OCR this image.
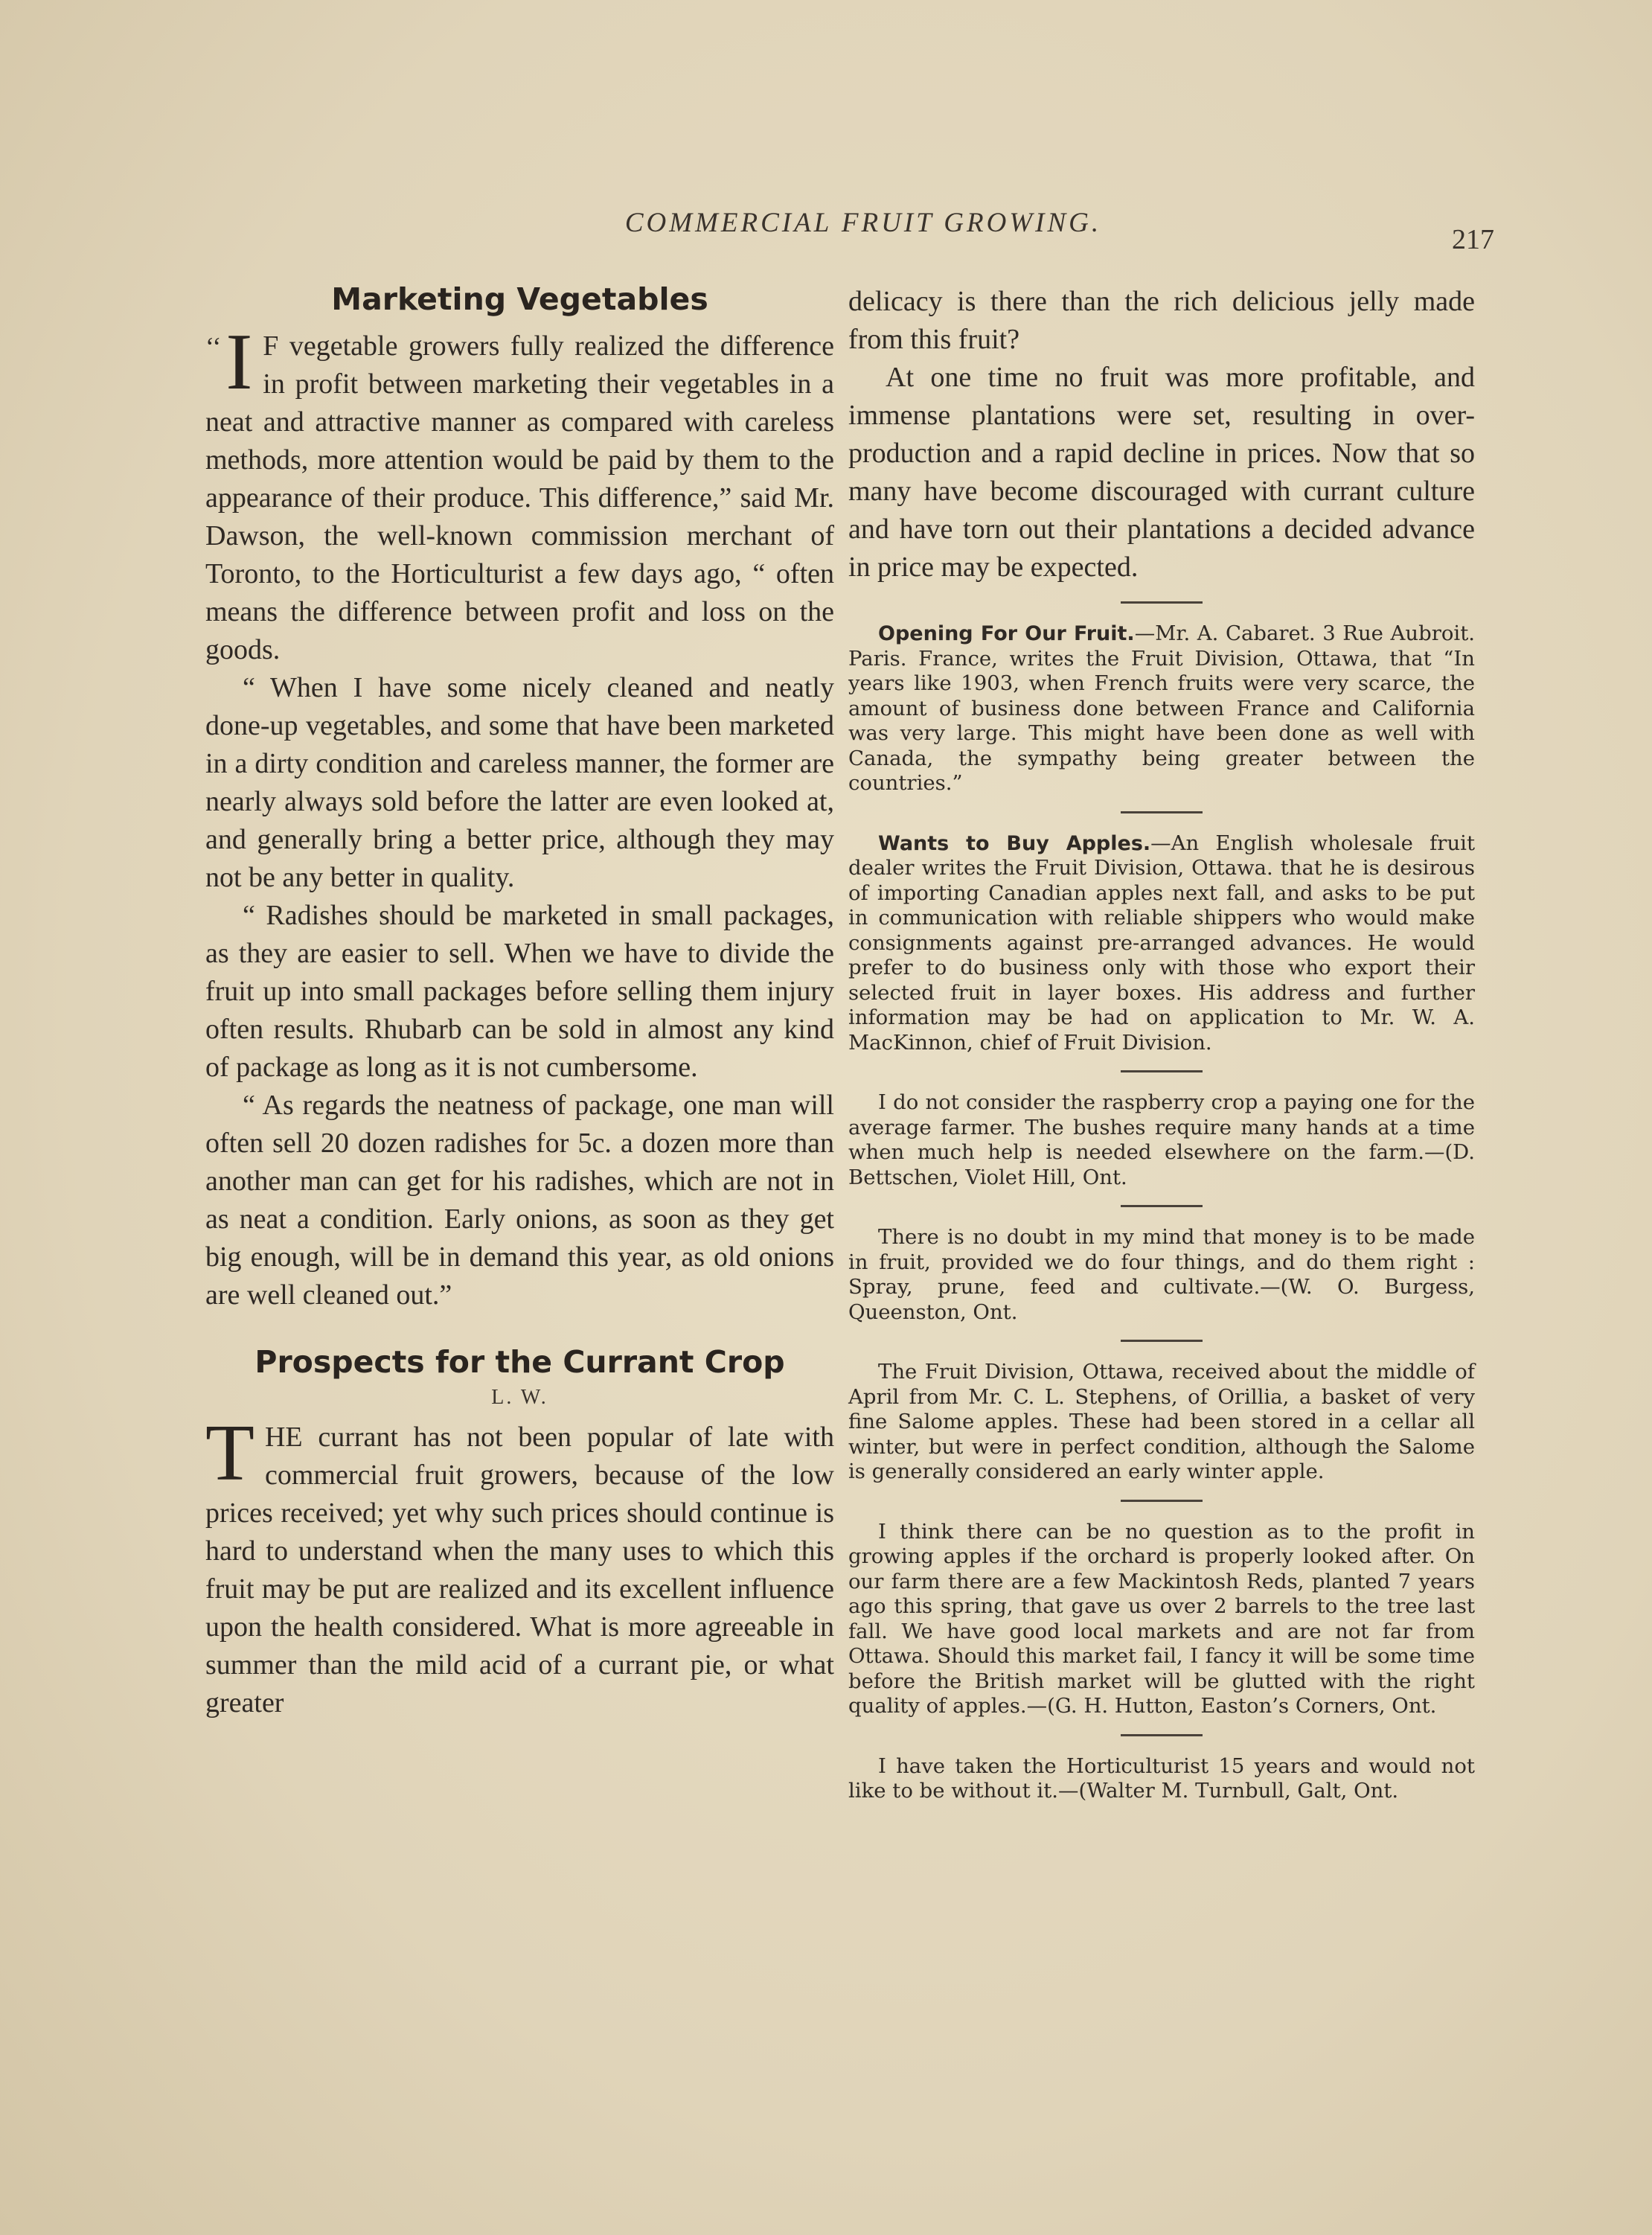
COMMERCIAL FRUIT GROWING.
217
Marketing Vegetables

‘‘ I F vegetable growers fully realized the difference in profit between marketing their vegetables in a neat and attractive manner as compared with careless methods, more attention would be paid by them to the appearance of their produce. This difference,” said Mr. Dawson, the well-known commission merchant of Toronto, to the Horticulturist a few days ago, “ often means the difference between profit and loss on the goods.

“ When I have some nicely cleaned and neatly done-up vegetables, and some that have been marketed in a dirty condition and careless manner, the former are nearly always sold before the latter are even looked at, and generally bring a better price, although they may not be any better in quality.

“ Radishes should be marketed in small packages, as they are easier to sell. When we have to divide the fruit up into small packages before selling them injury often results. Rhubarb can be sold in almost any kind of package as long as it is not cumbersome.

“ As regards the neatness of package, one man will often sell 20 dozen radishes for 5c. a dozen more than another man can get for his radishes, which are not in as neat a condition. Early onions, as soon as they get big enough, will be in demand this year, as old onions are well cleaned out.”

Prospects for the Currant Crop
L. W.

THE currant has not been popular of late with commercial fruit growers, because of the low prices received; yet why such prices should continue is hard to understand when the many uses to which this fruit may be put are realized and its excellent influence upon the health considered. What is more agreeable in summer than the mild acid of a currant pie, or what greater

delicacy is there than the rich delicious jelly made from this fruit?

At one time no fruit was more profitable, and immense plantations were set, resulting in over-production and a rapid decline in prices. Now that so many have become discouraged with currant culture and have torn out their plantations a decided advance in price may be expected.

Opening For Our Fruit.—Mr. A. Cabaret. 3 Rue Aubroit. Paris. France, writes the Fruit Division, Ottawa, that “In years like 1903, when French fruits were very scarce, the amount of business done between France and California was very large. This might have been done as well with Canada, the sympathy being greater between the countries.”

Wants to Buy Apples.—An English wholesale fruit dealer writes the Fruit Division, Ottawa. that he is desirous of importing Canadian apples next fall, and asks to be put in communication with reliable shippers who would make consignments against pre-arranged advances. He would prefer to do business only with those who export their selected fruit in layer boxes. His address and further information may be had on application to Mr. W. A. MacKinnon, chief of Fruit Division.

I do not consider the raspberry crop a paying one for the average farmer. The bushes require many hands at a time when much help is needed elsewhere on the farm.—(D. Bettschen, Violet Hill, Ont.

There is no doubt in my mind that money is to be made in fruit, provided we do four things, and do them right : Spray, prune, feed and cultivate.—(W. O. Burgess, Queenston, Ont.

The Fruit Division, Ottawa, received about the middle of April from Mr. C. L. Stephens, of Orillia, a basket of very fine Salome apples. These had been stored in a cellar all winter, but were in perfect condition, although the Salome is generally considered an early winter apple.

I think there can be no question as to the profit in growing apples if the orchard is properly looked after. On our farm there are a few Mackintosh Reds, planted 7 years ago this spring, that gave us over 2 barrels to the tree last fall. We have good local markets and are not far from Ottawa. Should this market fail, I fancy it will be some time before the British market will be glutted with the right quality of apples.—(G. H. Hutton, Easton’s Corners, Ont.

I have taken the Horticulturist 15 years and would not like to be without it.—(Walter M. Turnbull, Galt, Ont.
